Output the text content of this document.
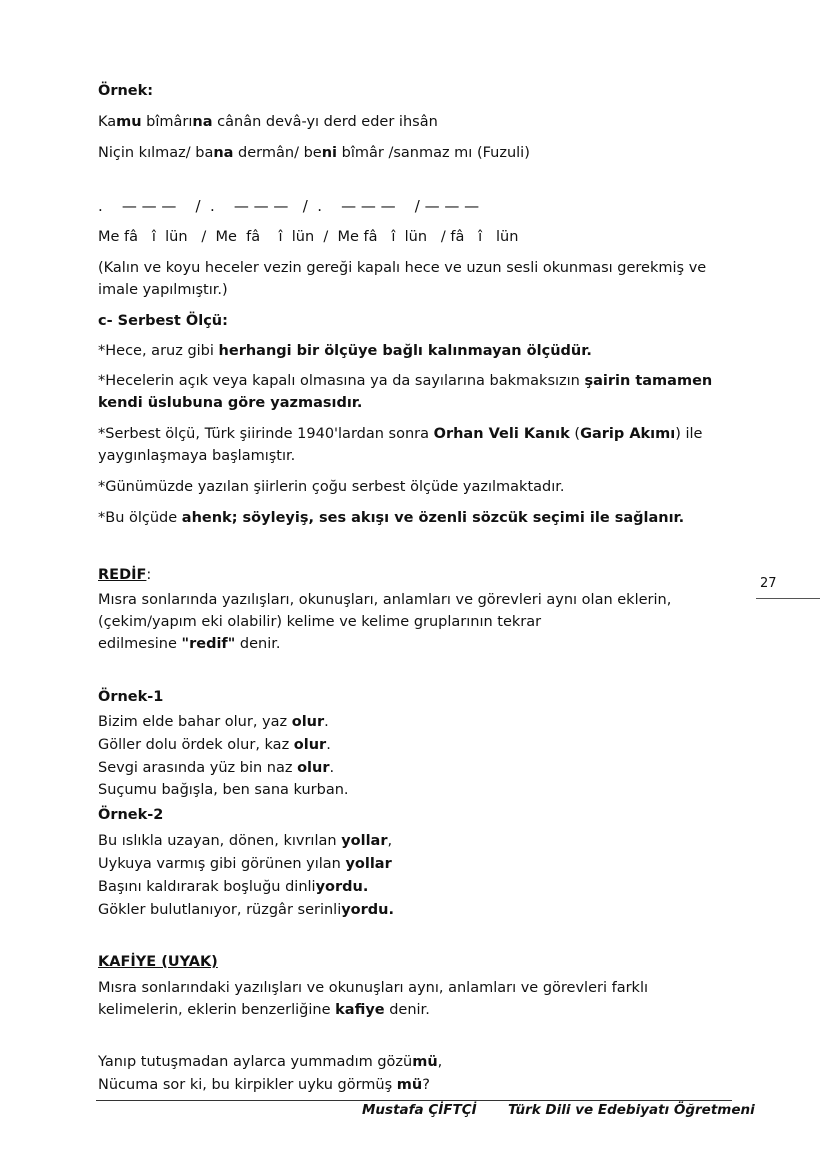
Örnek:
Kamu bîmârına cânân devâ-yı derd eder ihsân
Niçin kılmaz/ bana dermân/ beni bîmâr /sanmaz mı (Fuzuli)
.    — — —    /  .    — — —   /  .    — — —    / — — —
Me fâ   î  lün   /  Me  fâ    î  lün  /  Me fâ   î  lün   / fâ   î   lün
(Kalın ve koyu heceler vezin gereği kapalı hece ve uzun sesli okunması gerekmiş ve
imale yapılmıştır.)
c- Serbest Ölçü:
*Hece, aruz gibi herhangi bir ölçüye bağlı kalınmayan ölçüdür.
*Hecelerin açık veya kapalı olmasına ya da sayılarına bakmaksızın şairin tamamen
kendi üslubuna göre yazmasıdır.
*Serbest ölçü, Türk şiirinde 1940'lardan sonra Orhan Veli Kanık (Garip Akımı) ile
yaygınlaşmaya başlamıştır.
*Günümüzde yazılan şiirlerin çoğu serbest ölçüde yazılmaktadır.
*Bu ölçüde ahenk; söyleyiş, ses akışı ve özenli sözcük seçimi ile sağlanır.
27
REDİF:
Mısra sonlarında yazılışları, okunuşları, anlamları ve görevleri aynı olan eklerin,
(çekim/yapım eki olabilir) kelime ve kelime gruplarının tekrar
edilmesine "redif" denir.
Örnek-1
Bizim elde bahar olur, yaz olur.
Göller dolu ördek olur, kaz olur.
Sevgi arasında yüz bin naz olur.
Suçumu bağışla, ben sana kurban.
Örnek-2
Bu ıslıkla uzayan, dönen, kıvrılan yollar,
Uykuya varmış gibi görünen yılan yollar
Başını kaldırarak boşluğu dinliyordu.
Gökler bulutlanıyor, rüzgâr serinliyordu.
KAFİYE (UYAK)
Mısra sonlarındaki yazılışları ve okunuşları aynı, anlamları ve görevleri farklı
kelimelerin, eklerin benzerliğine kafiye denir.
Yanıp tutuşmadan aylarca yummadım gözümü,
Nücuma sor ki, bu kirpikler uyku görmüş mü?
Mustafa ÇİFTÇİ Türk Dili ve Edebiyatı Öğretmeni
